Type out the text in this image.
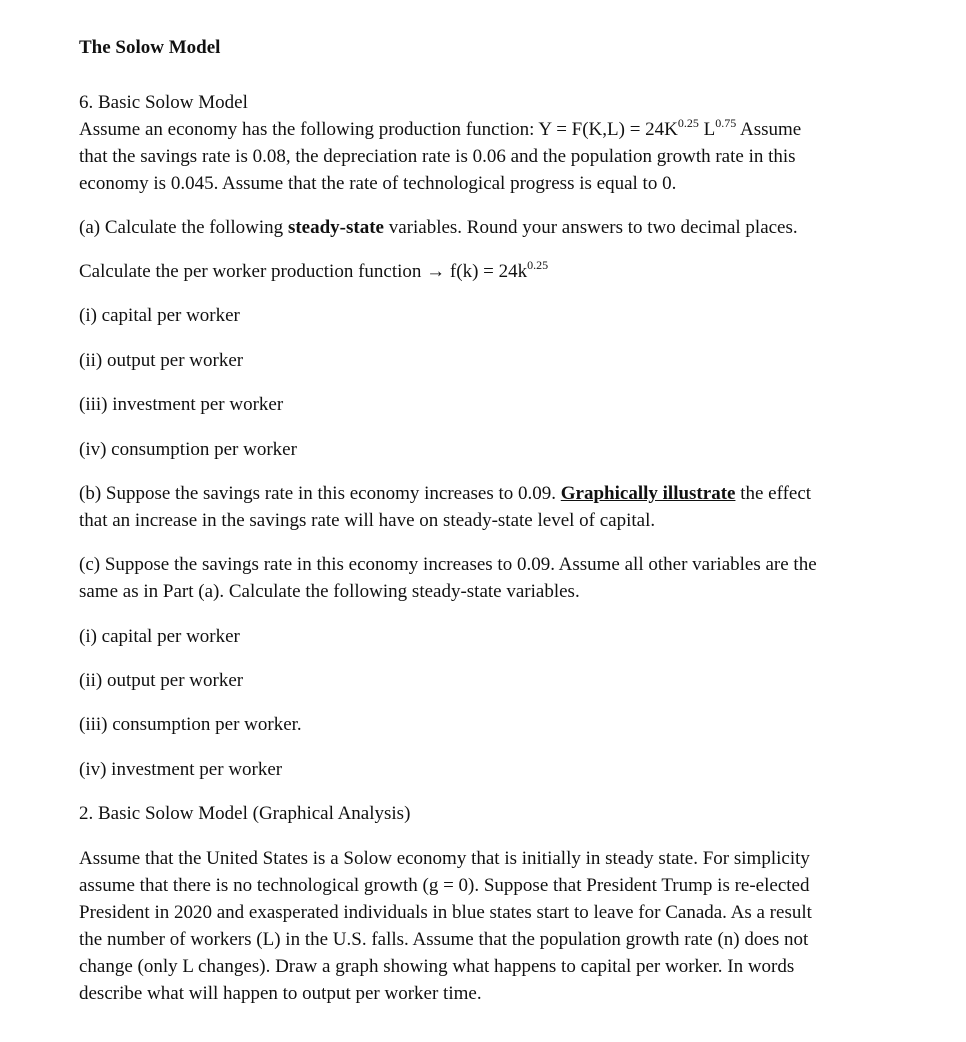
The Solow Model
6. Basic Solow Model
Assume an economy has the following production function: $Y = F(K,L) = 24K^{0.25}$ $L^{0.75}$ Assume
that the savings rate is 0.08, the depreciation rate is 0.06 and the population growth rate in this
economy is 0.045. Assume that the rate of technological progress is equal to 0.
(a) Calculate the following steady-state variables. Round your answers to two decimal places.
Calculate the per worker production function → $f(k) = 24k^{0.25}$
(i) capital per worker
(ii) output per worker
(iii) investment per worker
(iv) consumption per worker
(b) Suppose the savings rate in this economy increases to 0.09. Graphically illustrate the effect
that an increase in the savings rate will have on steady-state level of capital.
(c) Suppose the savings rate in this economy increases to 0.09. Assume all other variables are the
same as in Part (a). Calculate the following steady-state variables.
(i) capital per worker
(ii) output per worker
(iii) consumption per worker.
(iv) investment per worker
2. Basic Solow Model (Graphical Analysis)
Assume that the United States is a Solow economy that is initially in steady state. For simplicity
assume that there is no technological growth (g = 0). Suppose that President Trump is re-elected
President in 2020 and exasperated individuals in blue states start to leave for Canada. As a result
the number of workers (L) in the U.S. falls. Assume that the population growth rate (n) does not
change (only L changes). Draw a graph showing what happens to capital per worker. In words
describe what will happen to output per worker time.
